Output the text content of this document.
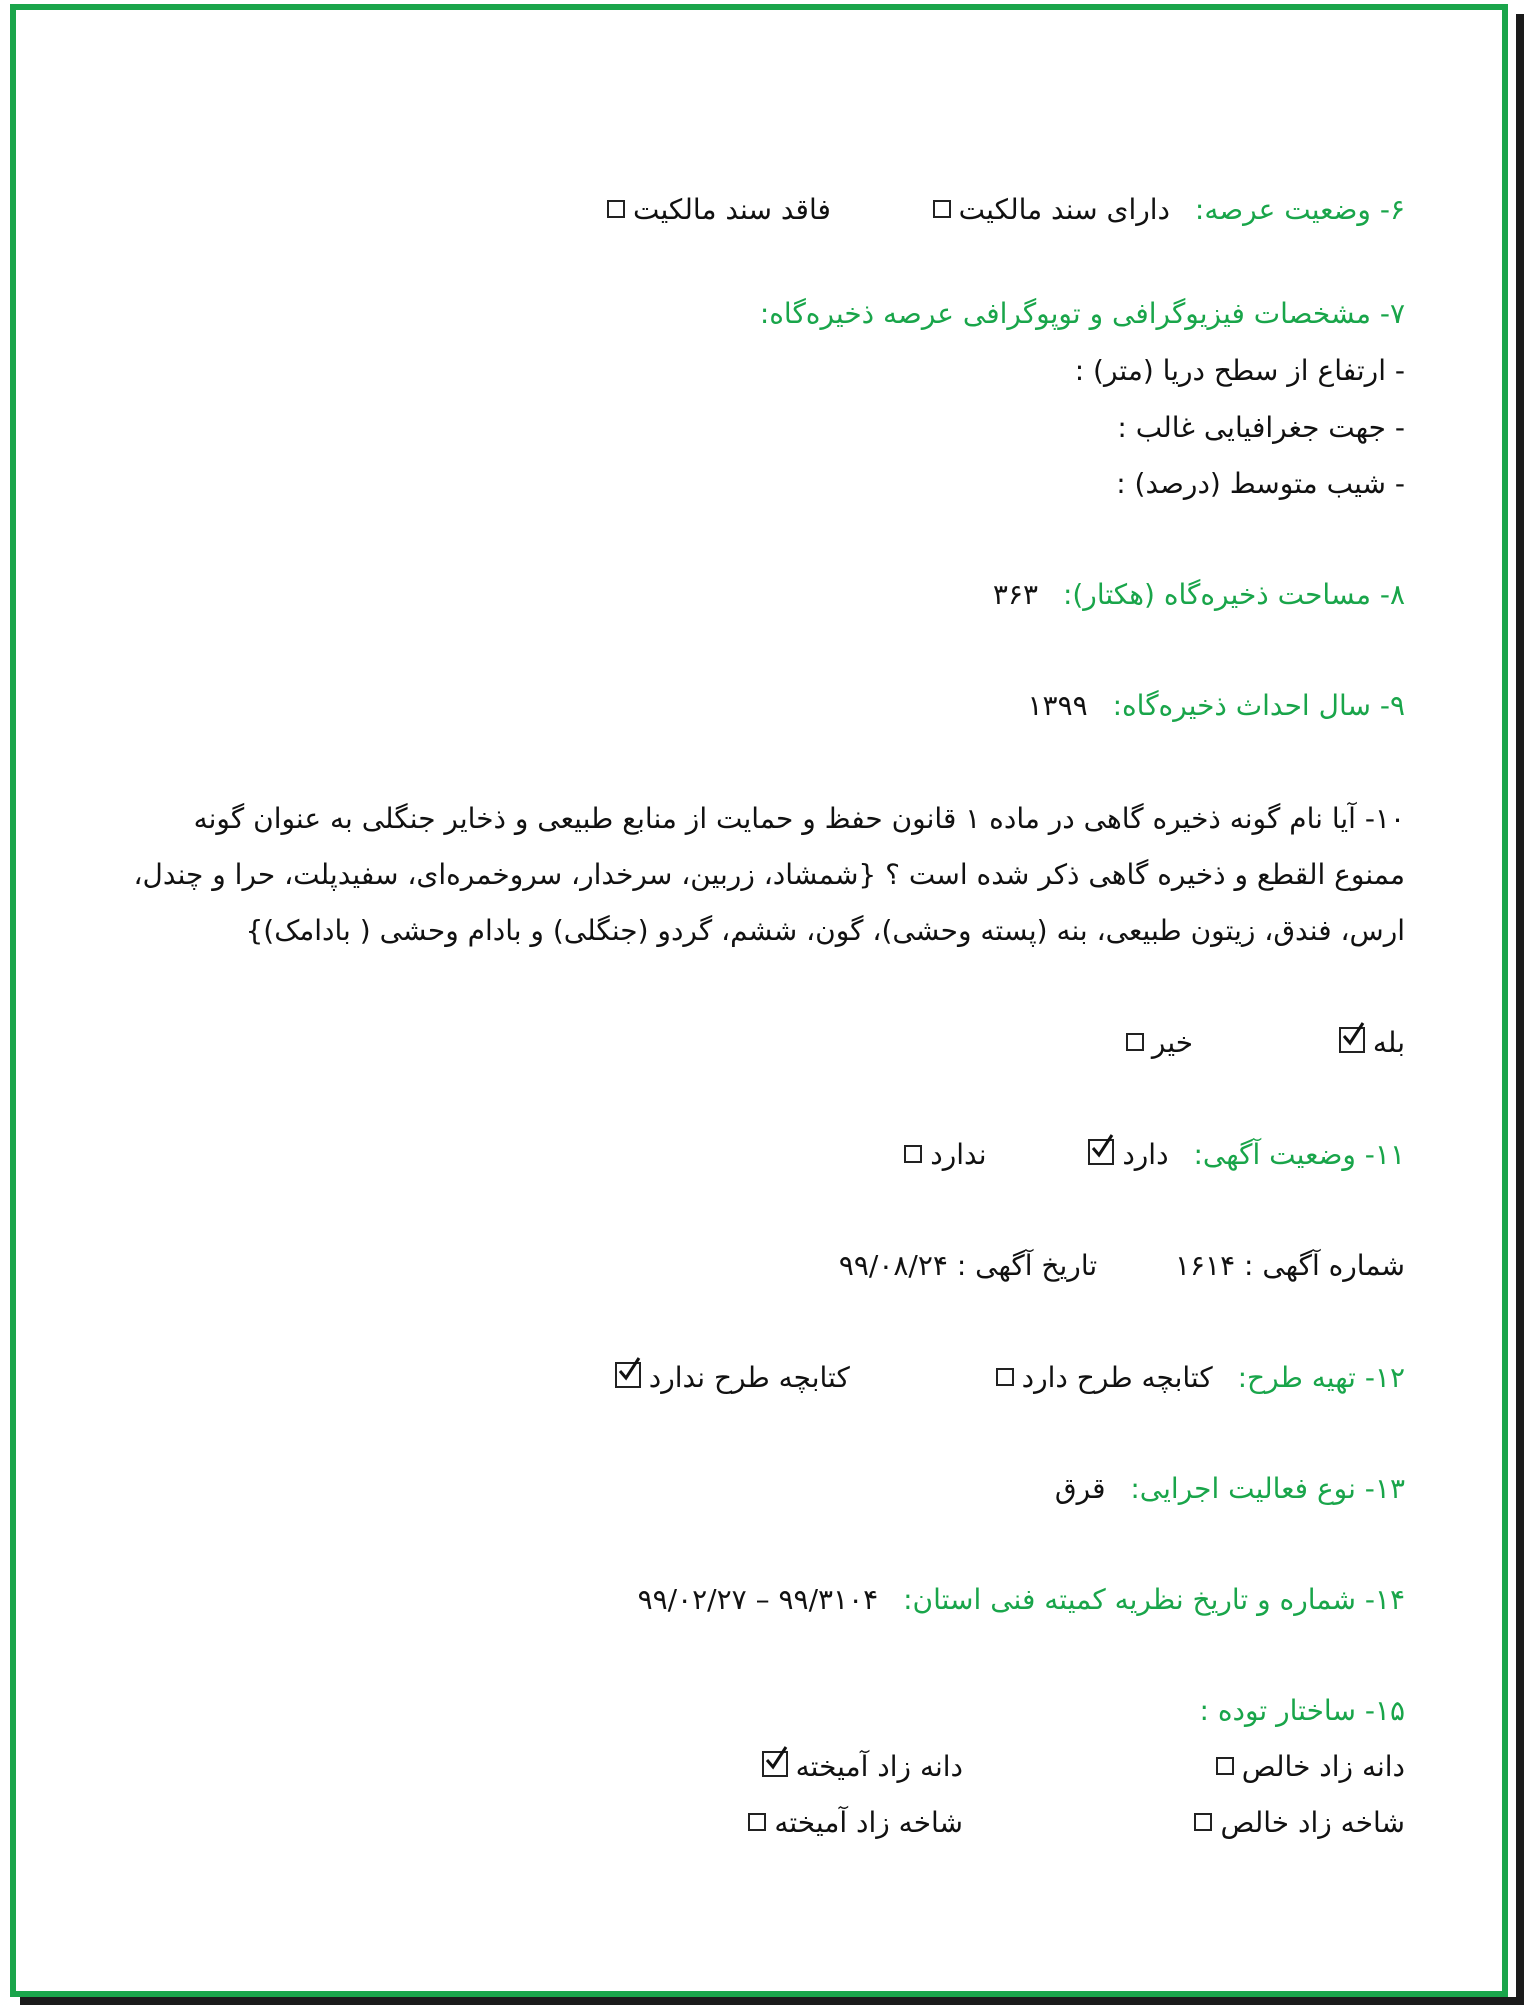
۶- وضعیت عرصه: دارای سند مالکیت  فاقد سند مالکیت
۷- مشخصات فیزیوگرافی و توپوگرافی عرصه ذخیره‌گاه:
- ارتفاع از سطح دریا (متر) :
- جهت جغرافیایی غالب :
- شیب متوسط (درصد) :
۸- مساحت ذخیره‌گاه (هکتار): ۳۶۳
۹- سال احداث ذخیره‌گاه: ۱۳۹۹
۱۰- آیا نام گونه ذخیره گاهی در ماده ۱ قانون حفظ و حمایت از منابع طبیعی و ذخایر جنگلی به عنوان گونه
ممنوع القطع و ذخیره گاهی ذکر شده است ؟ {شمشاد، زربین، سرخدار، سروخمره‌ای، سفیدپلت، حرا و چندل،
ارس، فندق، زیتون طبیعی، بنه (پسته وحشی)، گون، ششم، گردو (جنگلی) و بادام وحشی ( بادامک)}
بله
خیر
۱۱- وضعیت آگهی: دارد
ندارد
شماره آگهی : ۱۶۱۴  تاریخ آگهی : ۹۹/۰۸/۲۴
۱۲- تهیه طرح: کتابچه طرح دارد  کتابچه طرح ندارد
۱۳- نوع فعالیت اجرایی: قرق
۱۴- شماره و تاریخ نظریه کمیته فنی استان: ۹۹/۳۱۰۴ – ۹۹/۰۲/۲۷
۱۵- ساختار توده :
دانه زاد خالص
دانه زاد آمیخته
شاخه زاد خالص
شاخه زاد آمیخته
